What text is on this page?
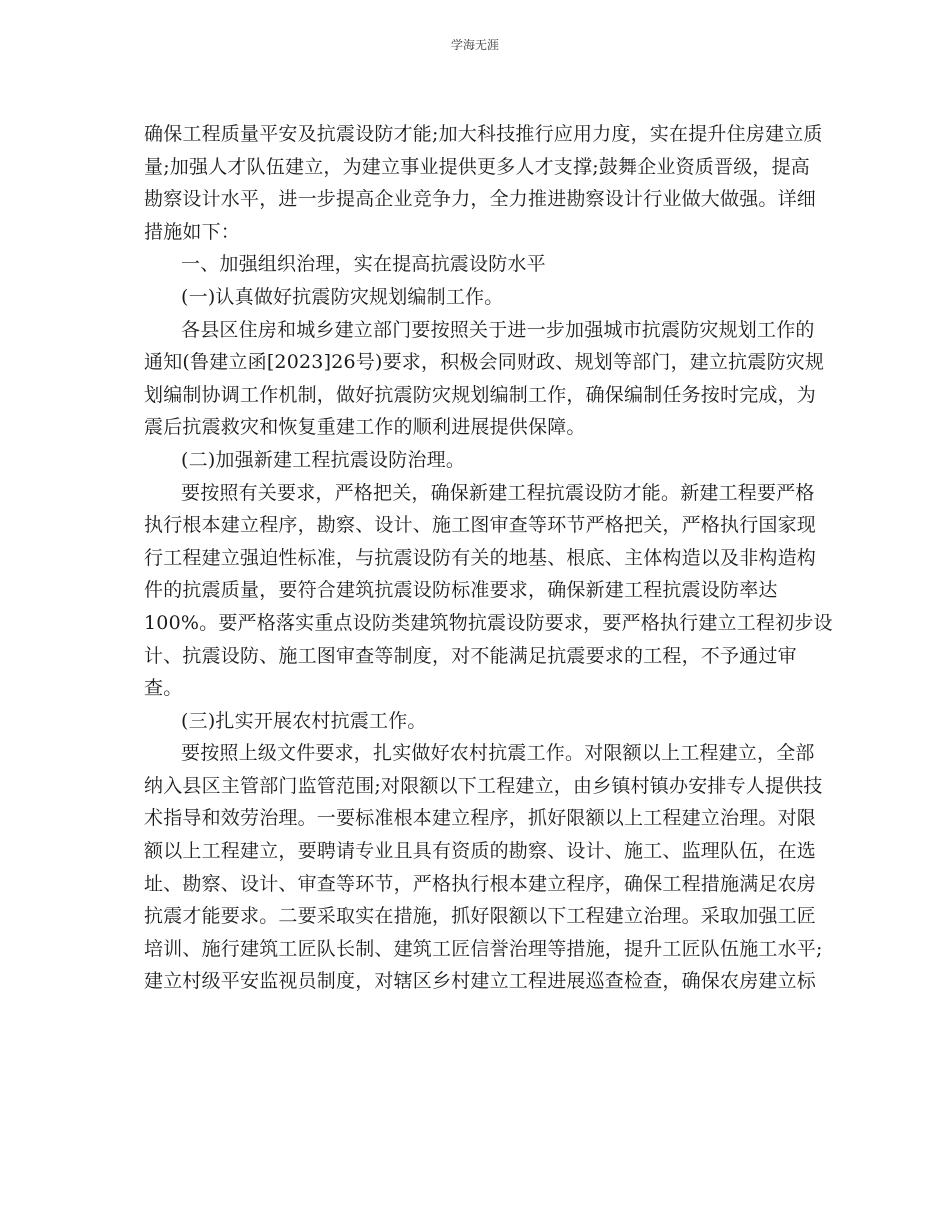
学海无涯
确保工程质量平安及抗震设防才能;加大科技推行应用力度，实在提升住房建立质
量;加强人才队伍建立，为建立事业提供更多人才支撑;鼓舞企业资质晋级，提高
勘察设计水平，进一步提高企业竞争力，全力推进勘察设计行业做大做强。详细
措施如下：
一、加强组织治理，实在提高抗震设防水平
(一)认真做好抗震防灾规划编制工作。
各县区住房和城乡建立部门要按照关于进一步加强城市抗震防灾规划工作的
通知(鲁建立函[2023]26号)要求，积极会同财政、规划等部门，建立抗震防灾规
划编制协调工作机制，做好抗震防灾规划编制工作，确保编制任务按时完成，为
震后抗震救灾和恢复重建工作的顺利进展提供保障。
(二)加强新建工程抗震设防治理。
要按照有关要求，严格把关，确保新建工程抗震设防才能。新建工程要严格
执行根本建立程序，勘察、设计、施工图审查等环节严格把关，严格执行国家现
行工程建立强迫性标准，与抗震设防有关的地基、根底、主体构造以及非构造构
件的抗震质量，要符合建筑抗震设防标准要求，确保新建工程抗震设防率达
100%。要严格落实重点设防类建筑物抗震设防要求，要严格执行建立工程初步设
计、抗震设防、施工图审查等制度，对不能满足抗震要求的工程，不予通过审
查。
(三)扎实开展农村抗震工作。
要按照上级文件要求，扎实做好农村抗震工作。对限额以上工程建立，全部
纳入县区主管部门监管范围;对限额以下工程建立，由乡镇村镇办安排专人提供技
术指导和效劳治理。一要标准根本建立程序，抓好限额以上工程建立治理。对限
额以上工程建立，要聘请专业且具有资质的勘察、设计、施工、监理队伍，在选
址、勘察、设计、审查等环节，严格执行根本建立程序，确保工程措施满足农房
抗震才能要求。二要采取实在措施，抓好限额以下工程建立治理。采取加强工匠
培训、施行建筑工匠队长制、建筑工匠信誉治理等措施，提升工匠队伍施工水平;
建立村级平安监视员制度，对辖区乡村建立工程进展巡查检查，确保农房建立标
